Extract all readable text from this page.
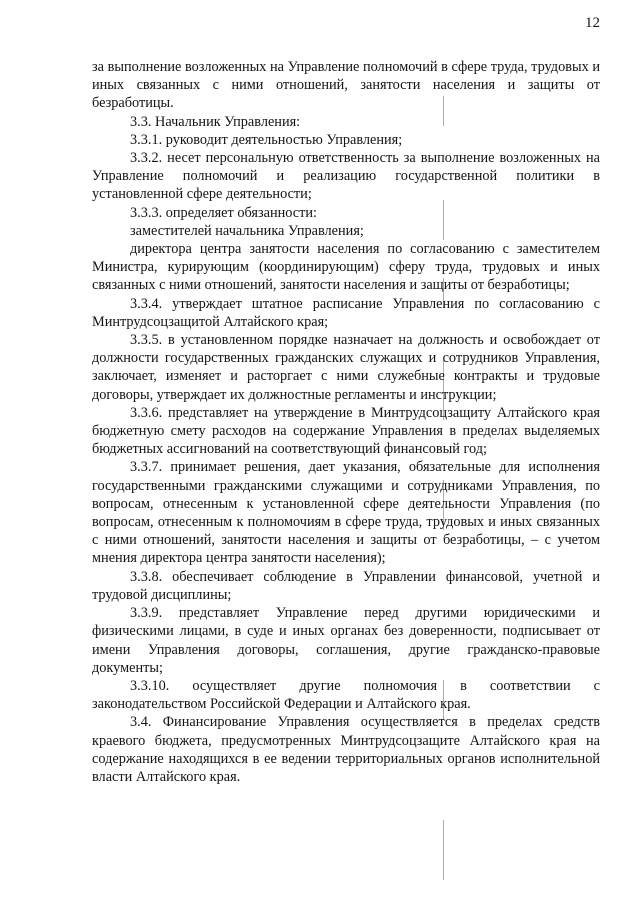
12

за выполнение возложенных на Управление полномочий в сфере труда, трудовых и иных связанных с ними отношений, занятости населения и защиты от безработицы.

3.3. Начальник Управления:

3.3.1. руководит деятельностью Управления;

3.3.2. несет персональную ответственность за выполнение возложенных на Управление полномочий и реализацию государственной политики в установленной сфере деятельности;

3.3.3. определяет обязанности:

заместителей начальника Управления;

директора центра занятости населения по согласованию с заместителем Министра, курирующим (координирующим) сферу труда, трудовых и иных связанных с ними отношений, занятости населения и защиты от безработицы;

3.3.4. утверждает штатное расписание Управления по согласованию с Минтрудсоцзащитой Алтайского края;

3.3.5. в установленном порядке назначает на должность и освобождает от должности государственных гражданских служащих и сотрудников Управления, заключает, изменяет и расторгает с ними служебные контракты и трудовые договоры, утверждает их должностные регламенты и инструкции;

3.3.6. представляет на утверждение в Минтрудсоцзащиту Алтайского края бюджетную смету расходов на содержание Управления в пределах выделяемых бюджетных ассигнований на соответствующий финансовый год;

3.3.7. принимает решения, дает указания, обязательные для исполнения государственными гражданскими служащими и сотрудниками Управления, по вопросам, отнесенным к установленной сфере деятельности Управления (по вопросам, отнесенным к полномочиям в сфере труда, трудовых и иных связанных с ними отношений, занятости населения и защиты от безработицы, – с учетом мнения директора центра занятости населения);

3.3.8. обеспечивает соблюдение в Управлении финансовой, учетной и трудовой дисциплины;

3.3.9. представляет Управление перед другими юридическими и физическими лицами, в суде и иных органах без доверенности, подписывает от имени Управления договоры, соглашения, другие гражданско-правовые документы;

3.3.10. осуществляет другие полномочия в соответствии с законодательством Российской Федерации и Алтайского края.

3.4. Финансирование Управления осуществляется в пределах средств краевого бюджета, предусмотренных Минтрудсоцзащите Алтайского края на содержание находящихся в ее ведении территориальных органов исполнительной власти Алтайского края.
